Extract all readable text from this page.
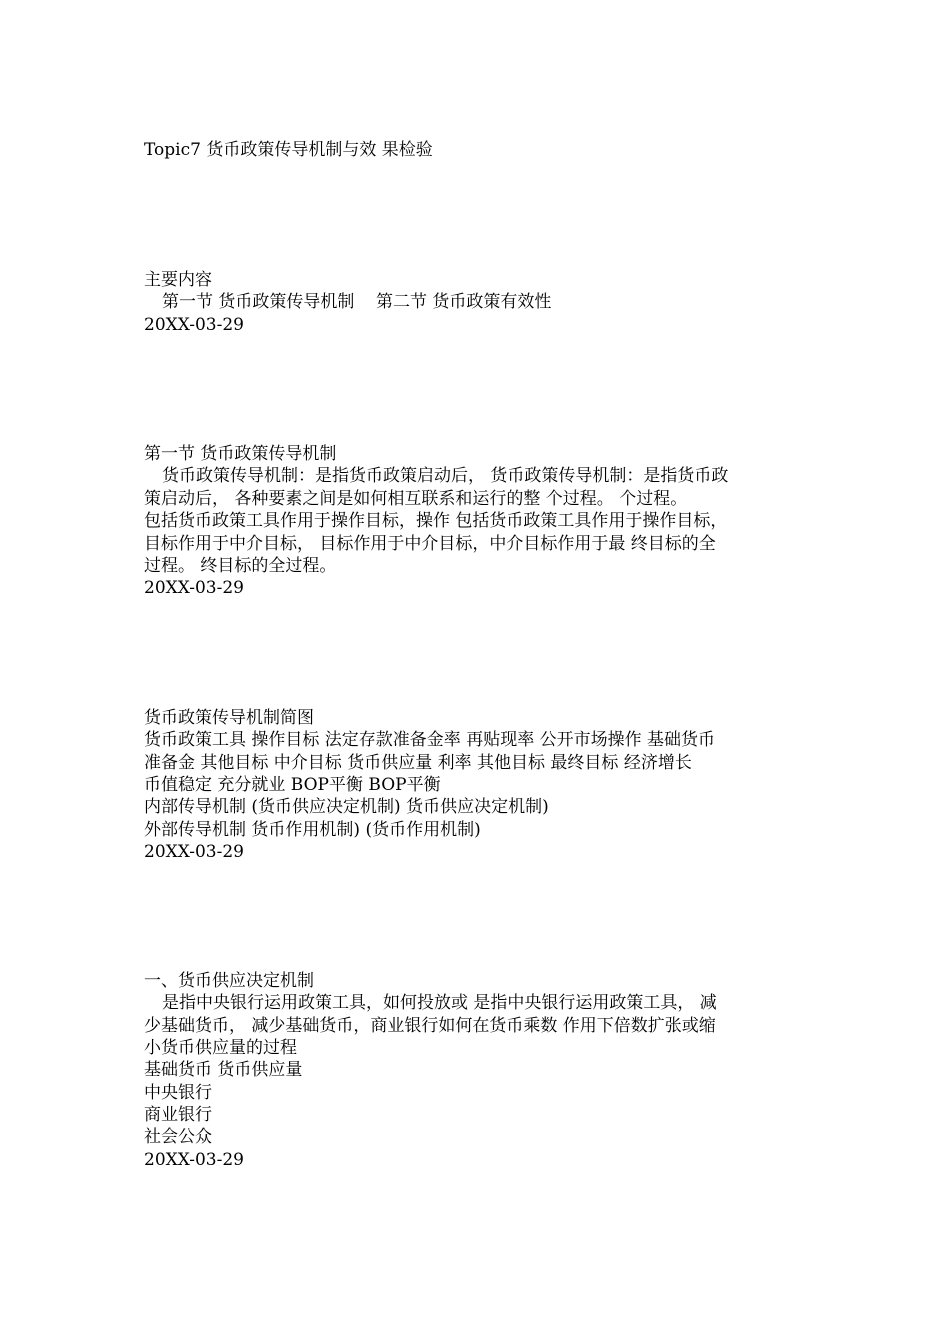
Topic7 货币政策传导机制与效 果检验

主要内容

第一节 货币政策传导机制    第二节 货币政策有效性

20XX-03-29

第一节 货币政策传导机制

货币政策传导机制：是指货币政策启动后， 货币政策传导机制：是指货币政

策启动后， 各种要素之间是如何相互联系和运行的整 个过程。 个过程。

包括货币政策工具作用于操作目标，操作 包括货币政策工具作用于操作目标，

目标作用于中介目标， 目标作用于中介目标，中介目标作用于最 终目标的全

过程。 终目标的全过程。

20XX-03-29

货币政策传导机制简图

货币政策工具 操作目标 法定存款准备金率 再贴现率 公开市场操作 基础货币

准备金 其他目标 中介目标 货币供应量 利率 其他目标 最终目标 经济增长

币值稳定 充分就业 BOP平衡 BOP平衡

内部传导机制 (货币供应决定机制) 货币供应决定机制)

外部传导机制 货币作用机制) (货币作用机制)

20XX-03-29

一、货币供应决定机制

是指中央银行运用政策工具，如何投放或 是指中央银行运用政策工具， 减

少基础货币， 减少基础货币，商业银行如何在货币乘数 作用下倍数扩张或缩

小货币供应量的过程

基础货币 货币供应量

中央银行

商业银行

社会公众

20XX-03-29
